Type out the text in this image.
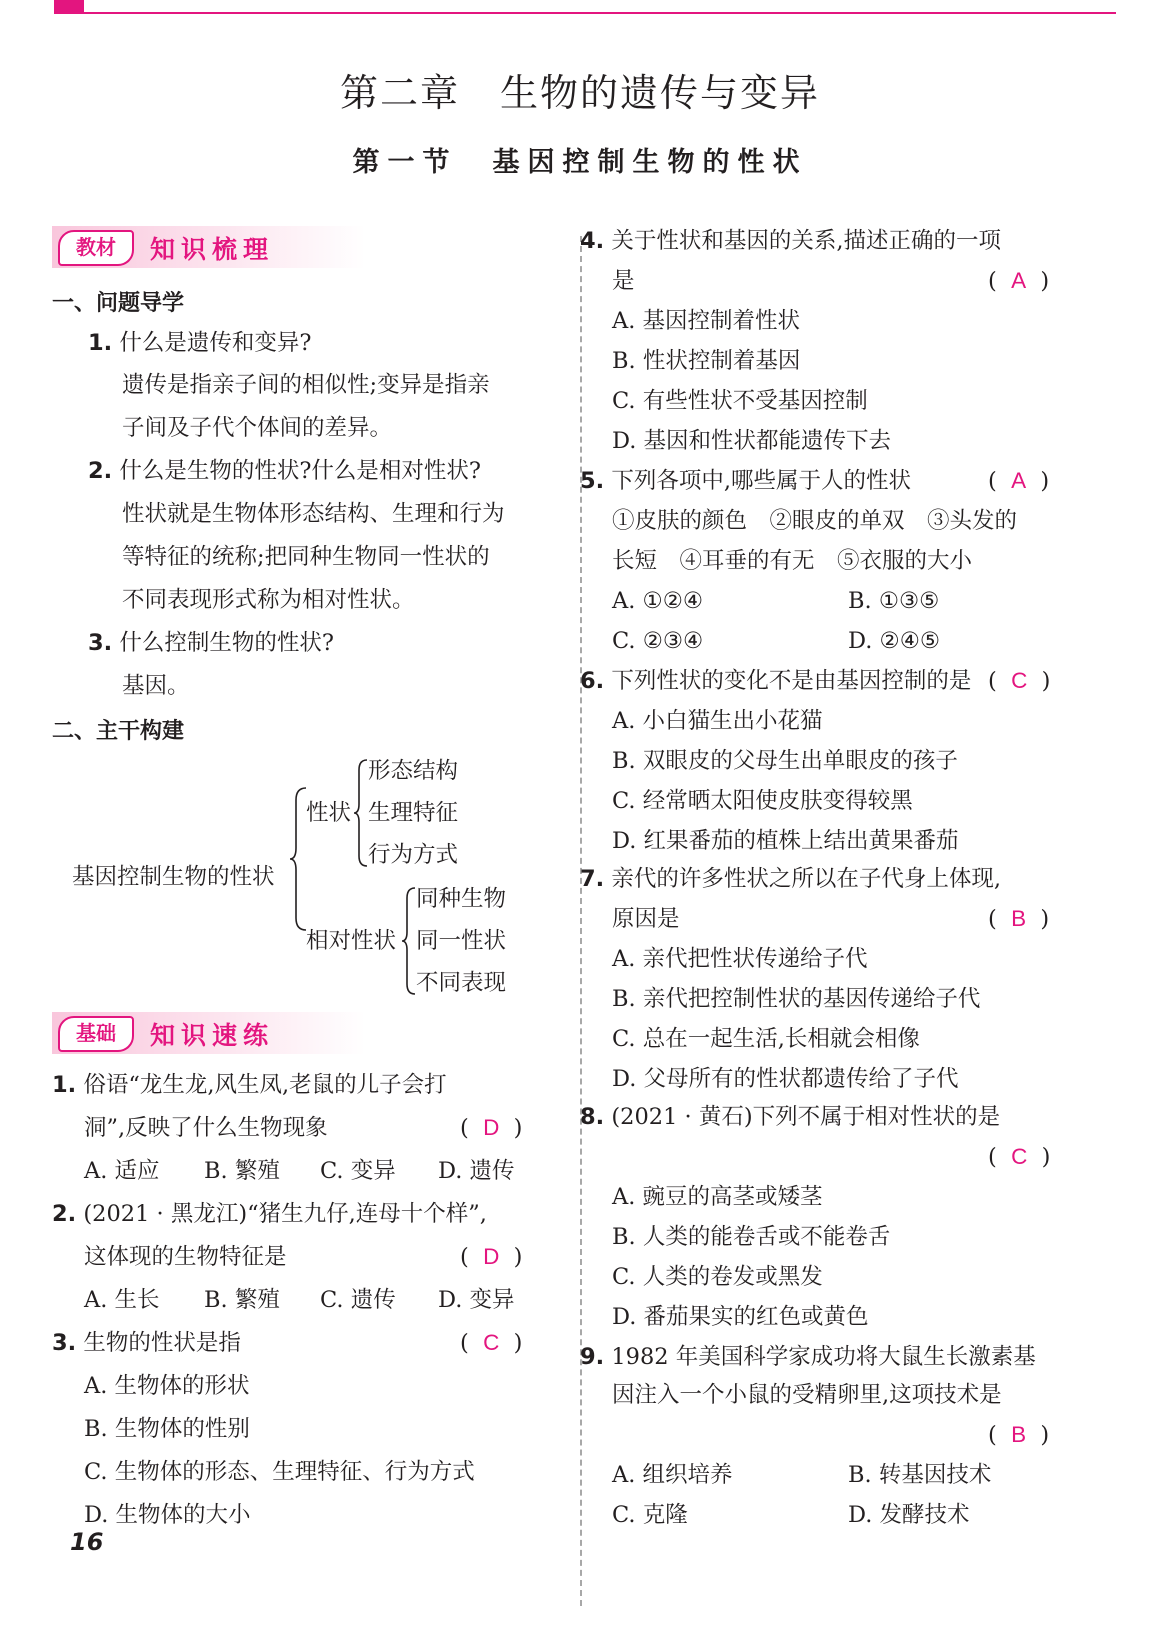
第二章　生物的遗传与变异
第一节　基因控制生物的性状
教材	知识梳理
一、问题导学
1. 什么是遗传和变异?
遗传是指亲子间的相似性;变异是指亲
子间及子代个体间的差异。
2. 什么是生物的性状?什么是相对性状?
性状就是生物体形态结构、生理和行为
等特征的统称;把同种生物同一性状的
不同表现形式称为相对性状。
3. 什么控制生物的性状?
基因。
二、主干构建
基因控制生物的性状
性状
形态结构
生理特征
行为方式
相对性状
同种生物
同一性状
不同表现
基础	知识速练
1. 俗语“龙生龙,风生凤,老鼠的儿子会打
洞”,反映了什么生物现象	(  D  )
A. 适应 B. 繁殖 C. 变异 D. 遗传
2. (2021 · 黑龙江)“猪生九仔,连母十个样”,
这体现的生物特征是	(  D  )
A. 生长 B. 繁殖 C. 遗传 D. 变异
3. 生物的性状是指	(  C  )
A. 生物体的形状
B. 生物体的性别
C. 生物体的形态、生理特征、行为方式
D. 生物体的大小
4. 关于性状和基因的关系,描述正确的一项
是	(  A  )
A. 基因控制着性状
B. 性状控制着基因
C. 有些性状不受基因控制
D. 基因和性状都能遗传下去
5. 下列各项中,哪些属于人的性状	(  A  )
①皮肤的颜色　②眼皮的单双　③头发的
长短　④耳垂的有无　⑤衣服的大小
A. ①②④	B. ①③⑤
C. ②③④	D. ②④⑤
6. 下列性状的变化不是由基因控制的是 (  C  )
A. 小白猫生出小花猫
B. 双眼皮的父母生出单眼皮的孩子
C. 经常晒太阳使皮肤变得较黑
D. 红果番茄的植株上结出黄果番茄
7. 亲代的许多性状之所以在子代身上体现,
原因是	(  B  )
A. 亲代把性状传递给子代
B. 亲代把控制性状的基因传递给子代
C. 总在一起生活,长相就会相像
D. 父母所有的性状都遗传给了子代
8. (2021 · 黄石)下列不属于相对性状的是
(  C  )
A. 豌豆的高茎或矮茎
B. 人类的能卷舌或不能卷舌
C. 人类的卷发或黑发
D. 番茄果实的红色或黄色
9. 1982 年美国科学家成功将大鼠生长激素基
因注入一个小鼠的受精卵里,这项技术是
(  B  )
A. 组织培养	B. 转基因技术
C. 克隆	D. 发酵技术
16
